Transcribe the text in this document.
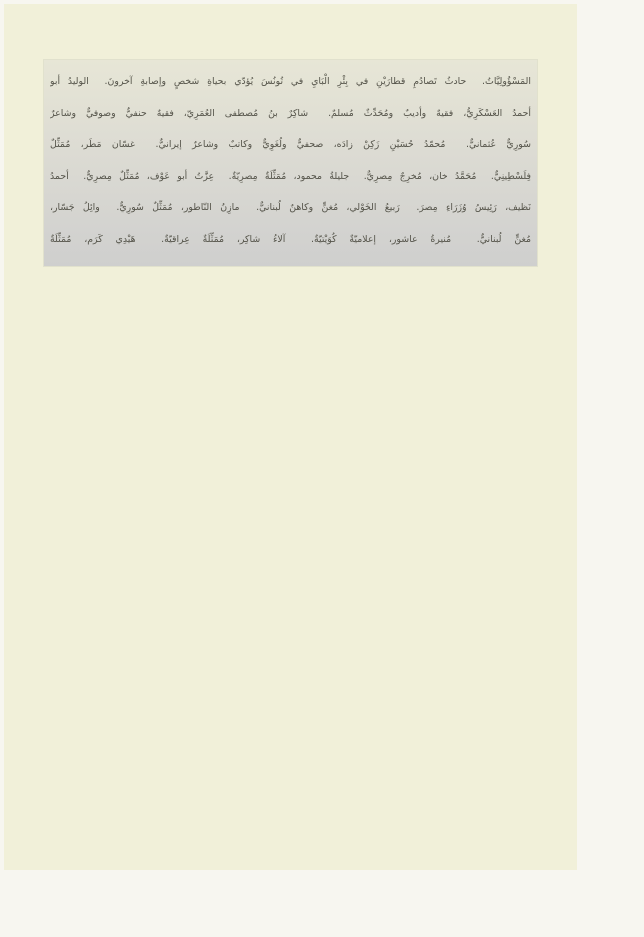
المَسْؤُولِيَّاتُ. ‏ حادثُ تَصادُمِ قطارَيْنِ في بِئْرِ الْبَايِ في تُونُسَ يُؤدّي بحياةِ شخصٍ وإصابةِ آخرونَ. ‏ الوليدُ أبو
أحمدُ العَسْكَرِيُّ، فقيهٌ وأديبٌ ومُحَدِّثٌ مُسلمٌ. ‏ شاكِرٌ بنُ مُصطفى العُمَرِيّ، فقيهٌ حنفيٌّ وصوفيٌّ وشاعرٌ
سُورِيٌّ عُثمانيٌّ. ‏ مُحمّدُ حُسَيْنِ زَكِنْ زادَه، صحفيٌّ ولُغَوِيٌّ وكاتبٌ وشاعرٌ إيرانيٌّ. ‏ غسّان مَطَر، مُمَثِّلٌ
فِلَسْطِينِيٌّ. ‏ مُحَمَّدُ خان، مُخرِجٌ مِصرِيٌّ. ‏ جليلةُ محمود، مُمَثِّلَةٌ مِصرِيّةٌ. ‏ عِزَّتُ أبو عَوْف، مُمَثِّلٌ مِصرِيٌّ. ‏ أحمدُ
نَظيف، رَئِيسُ وُزَرَاءِ مِصرَ. ‏ رَبيعُ الخَوْلي، مُغنٍّ وكاهنٌ لُبنانيٌّ. ‏ مازِنُ النّاطور، مُمَثِّلٌ سُورِيٌّ. ‏ وائِلُ جَسّار،
مُغنٍّ لُبنانيٌّ. ‏ مُنيرةُ عاشور، إعلاميّةٌ كُوَيْتيّةٌ. ‏ آلاءُ شاكِر، مُمَثِّلَةٌ عِراقيّةٌ. ‏ هَيْدِي كَرَم، مُمَثِّلَةٌ
